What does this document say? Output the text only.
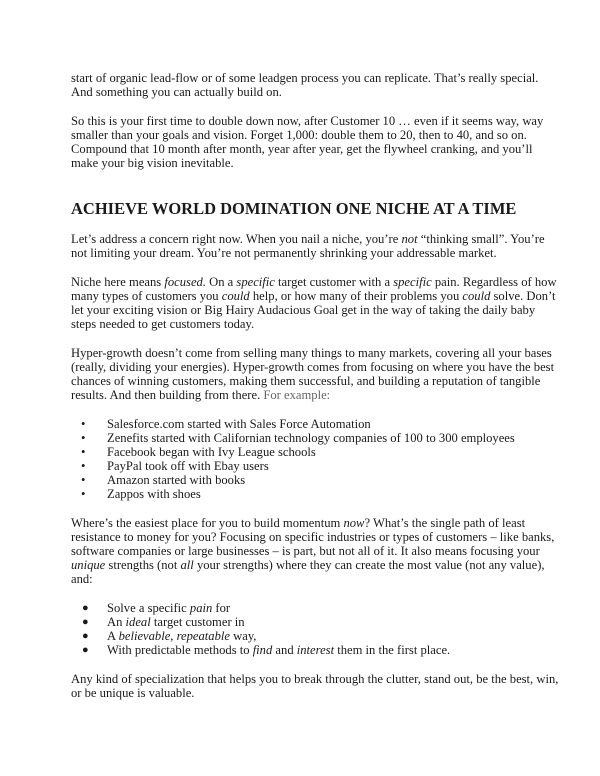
start of organic lead-flow or of some leadgen process you can replicate. That’s really special.
And something you can actually build on.
So this is your first time to double down now, after Customer 10 … even if it seems way, way
smaller than your goals and vision. Forget 1,000: double them to 20, then to 40, and so on.
Compound that 10 month after month, year after year, get the flywheel cranking, and you’ll
make your big vision inevitable.
ACHIEVE WORLD DOMINATION ONE NICHE AT A TIME
Let’s address a concern right now. When you nail a niche, you’re not “thinking small”. You’re
not limiting your dream. You’re not permanently shrinking your addressable market.
Niche here means focused. On a specific target customer with a specific pain. Regardless of how
many types of customers you could help, or how many of their problems you could solve. Don’t
let your exciting vision or Big Hairy Audacious Goal get in the way of taking the daily baby
steps needed to get customers today.
Hyper-growth doesn’t come from selling many things to many markets, covering all your bases
(really, dividing your energies). Hyper-growth comes from focusing on where you have the best
chances of winning customers, making them successful, and building a reputation of tangible
results. And then building from there. For example:
• Salesforce.com started with Sales Force Automation
• Zenefits started with Californian technology companies of 100 to 300 employees
• Facebook began with Ivy League schools
• PayPal took off with Ebay users
• Amazon started with books
• Zappos with shoes
Where’s the easiest place for you to build momentum now? What’s the single path of least
resistance to money for you? Focusing on specific industries or types of customers – like banks,
software companies or large businesses – is part, but not all of it. It also means focusing your
unique strengths (not all your strengths) where they can create the most value (not any value),
and:
● Solve a specific pain for
● An ideal target customer in
● A believable, repeatable way,
● With predictable methods to find and interest them in the first place.
Any kind of specialization that helps you to break through the clutter, stand out, be the best, win,
or be unique is valuable.
